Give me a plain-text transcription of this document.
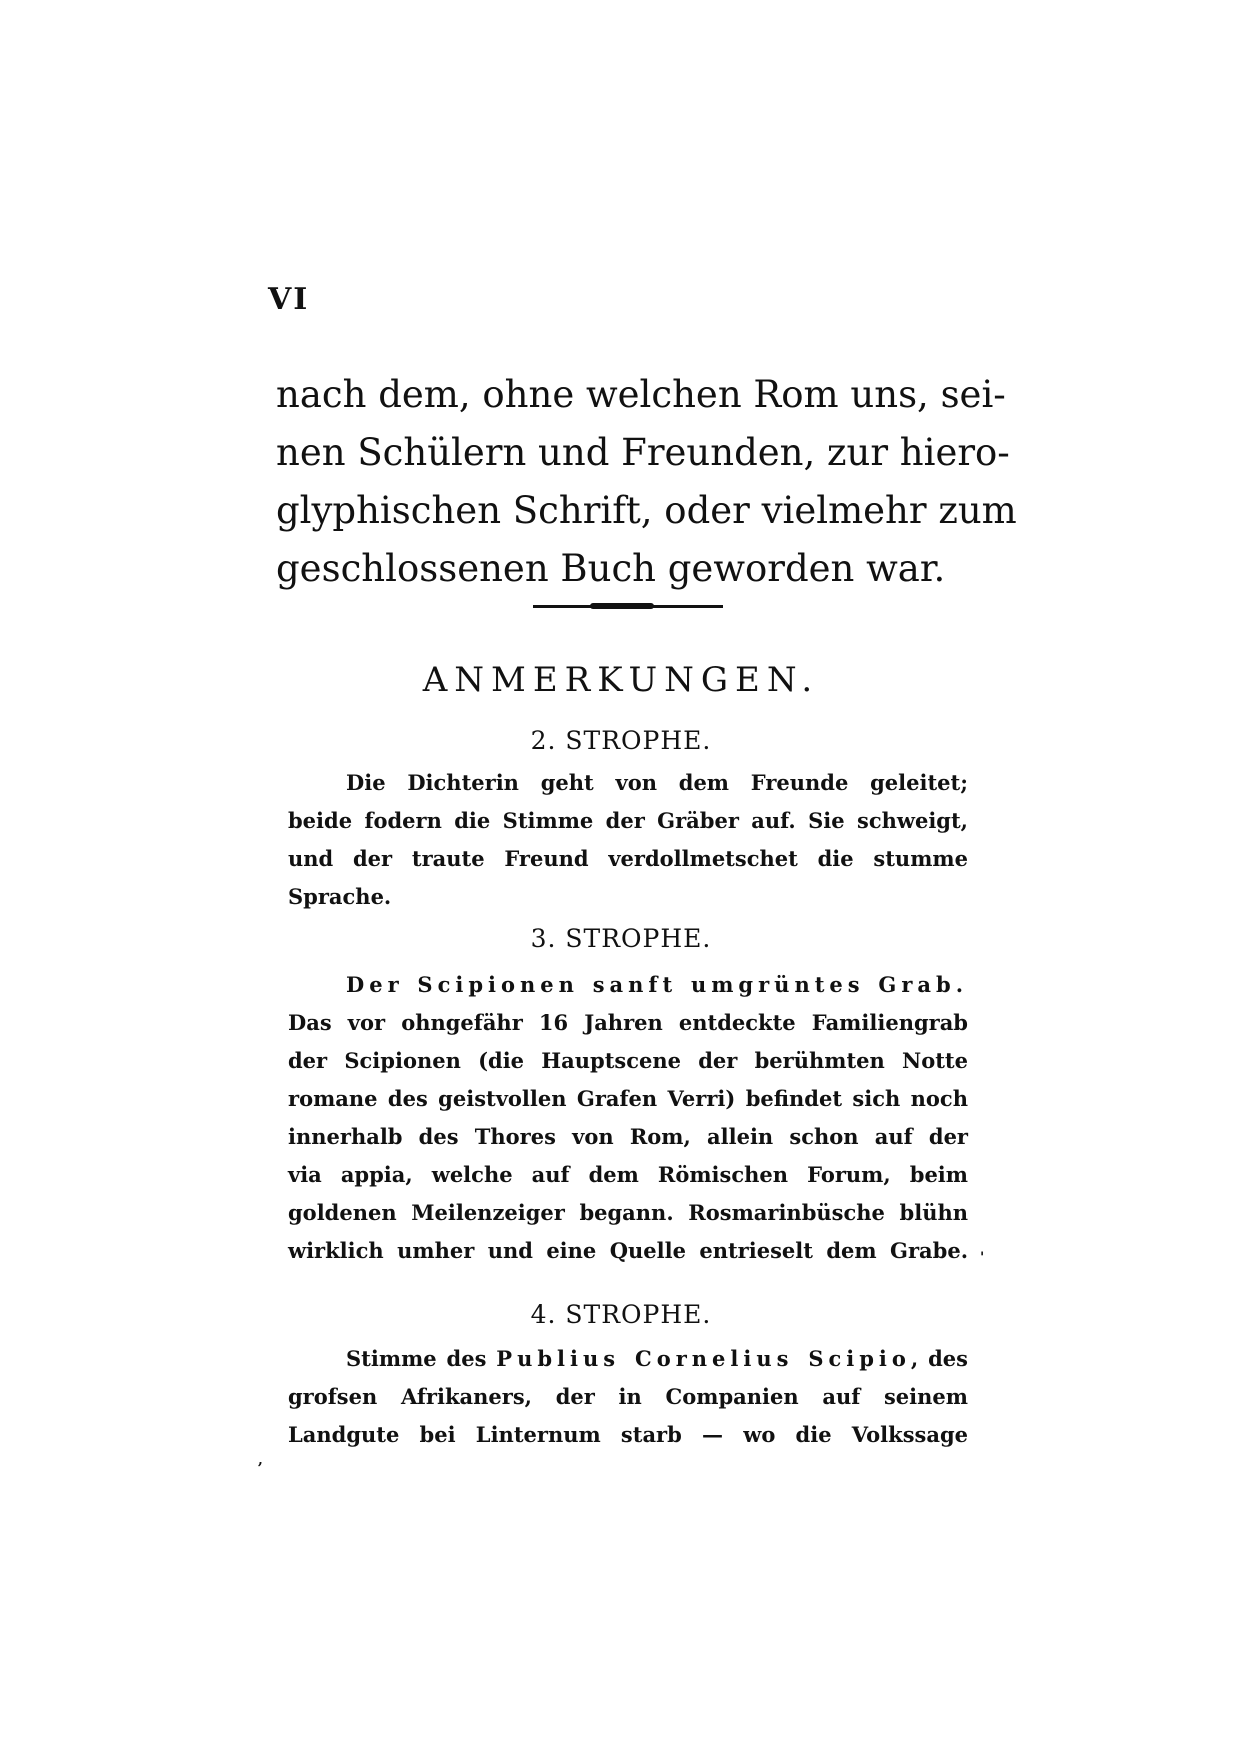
VI
nach dem, ohne welchen Rom uns, sei-
nen Schülern und Freunden, zur hiero-
glyphischen Schrift, oder vielmehr zum
geschlossenen Buch geworden war.
ANMERKUNGEN.
2. STROPHE.
Die Dichterin geht von dem Freunde geleitet;
beide fodern die Stimme der Gräber auf. Sie schweigt,
und der traute Freund verdollmetschet die stumme
Sprache.
3. STROPHE.
Der Scipionen sanft umgrüntes Grab.
Das vor ohngefähr 16 Jahren entdeckte Familiengrab
der Scipionen (die Hauptscene der berühmten Notte
romane des geistvollen Grafen Verri) befindet sich noch
innerhalb des Thores von Rom, allein schon auf der
via appia, welche auf dem Römischen Forum, beim
goldenen Meilenzeiger begann. Rosmarinbüsche blühn
wirklich umher und eine Quelle entrieselt dem Grabe.
4. STROPHE.
Stimme des Publius Cornelius Scipio, des
grofsen Afrikaners, der in Companien auf seinem
Landgute bei Linternum starb — wo die Volkssage
'
,
